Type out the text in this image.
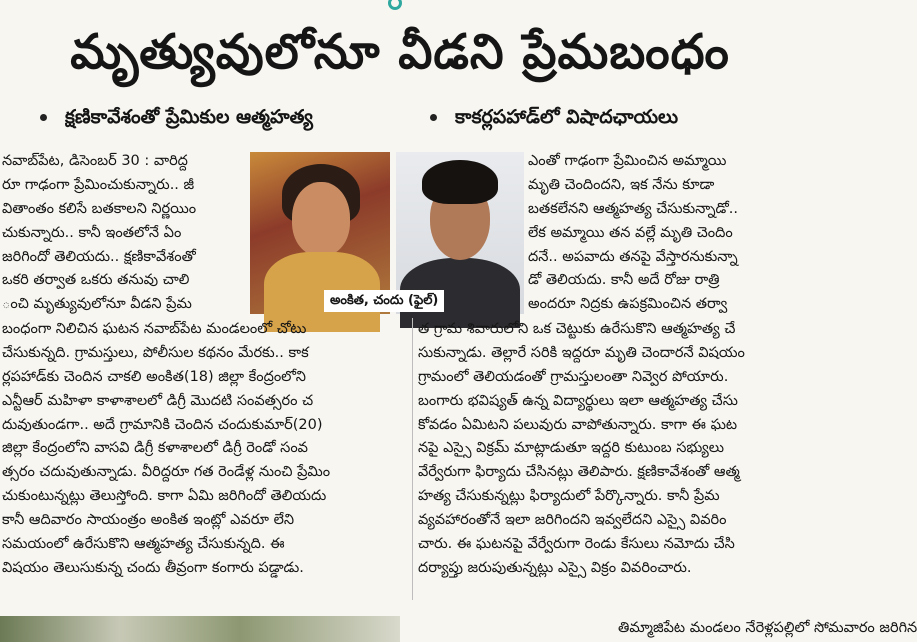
మృత్యువులోనూ వీడని ప్రేమబంధం
క్షణికావేశంతో ప్రేమికుల ఆత్మహత్య	కాకర్లపహాడ్‌లో విషాదఛాయలు
నవాబ్‌పేట, డిసెంబర్ 30 : వారిద్ద
రూ గాఢంగా ప్రేమించుకున్నారు.. జీ
వితాంతం కలిసే బతకాలని నిర్ణయిం
చుకున్నారు.. కానీ ఇంతలోనే ఏం
జరిగిందో తెలియదు.. క్షణికావేశంతో
ఒకరి తర్వాత ఒకరు తనువు చాలి
ంచి మృత్యువులోనూ వీడని ప్రేమ	అంకిత, చందు (ఫైల్)
ఎంతో గాఢంగా ప్రేమించిన అమ్మాయి
మృతి చెందిందని, ఇక నేను కూడా
బతకలేనని ఆత్మహత్య చేసుకున్నాడో..
లేక అమ్మాయి తన వల్లే మృతి చెందిం
దనే.. అపవాదు తనపై వేస్తారనుకున్నా
డో తెలియదు. కానీ అదే రోజు రాత్రి
అందరూ నిద్రకు ఉపక్రమించిన తర్వా
బంధంగా నిలిచిన ఘటన నవాబ్‌పేట మండలంలో చోటు
చేసుకున్నది. గ్రామస్తులు, పోలీసుల కథనం మేరకు.. కాక
ర్లపహాడ్‌కు చెందిన చాకలి అంకిత(18) జిల్లా కేంద్రంలోని
ఎన్టీఆర్ మహిళా కాళాశాలలో డిగ్రీ మొదటి సంవత్సరం చ
దువుతుండగా.. అదే గ్రామానికి చెందిన చందుకుమార్(20)
జిల్లా కేంద్రంలోని వాసవి డిగ్రీ కళాశాలలో డిగ్రీ రెండో సంవ
త్సరం చదువుతున్నాడు. వీరిద్దరూ గత రెండేళ్ల నుంచి ప్రేమిం
చుకుంటున్నట్లు తెలుస్తోంది. కాగా ఏమి జరిగిందో తెలియదు
కానీ ఆదివారం సాయంత్రం అంకిత ఇంట్లో ఎవరూ లేని
సమయంలో ఉరేసుకొని ఆత్మహత్య చేసుకున్నది. ఈ
విషయం తెలుసుకున్న చందు తీవ్రంగా కంగారు పడ్డాడు.
త గ్రామ శివారులోని ఒక చెట్టుకు ఉరేసుకొని ఆత్మహత్య చే
సుకున్నాడు. తెల్లారే సరికి ఇద్దరూ మృతి చెందారనే విషయం
గ్రామంలో తెలియడంతో గ్రామస్తులంతా నివ్వెర పోయారు.
బంగారు భవిష్యత్ ఉన్న విద్యార్థులు ఇలా ఆత్మహత్య చేసు
కోవడం ఏమిటని పలువురు వాపోతున్నారు. కాగా ఈ ఘట
నపై ఎస్సై విక్రమ్ మాట్లాడుతూ ఇద్దరి కుటుంబ సభ్యులు
వేర్వేరుగా ఫిర్యాదు చేసినట్లు తెలిపారు. క్షణికావేశంతో ఆత్మ
హత్య చేసుకున్నట్లు ఫిర్యాదులో పేర్కొన్నారు. కానీ ప్రేమ
వ్యవహారంతోనే ఇలా జరిగిందని ఇవ్వలేదని ఎస్సై వివరిం
చారు. ఈ ఘటనపై వేర్వేరుగా రెండు కేసులు నమోదు చేసి
దర్యాప్తు జరుపుతున్నట్లు ఎస్సై విక్రం వివరించారు.
తిమ్మాజిపేట మండలం నేరెళ్లపల్లిలో సోమవారం జరిగిన
